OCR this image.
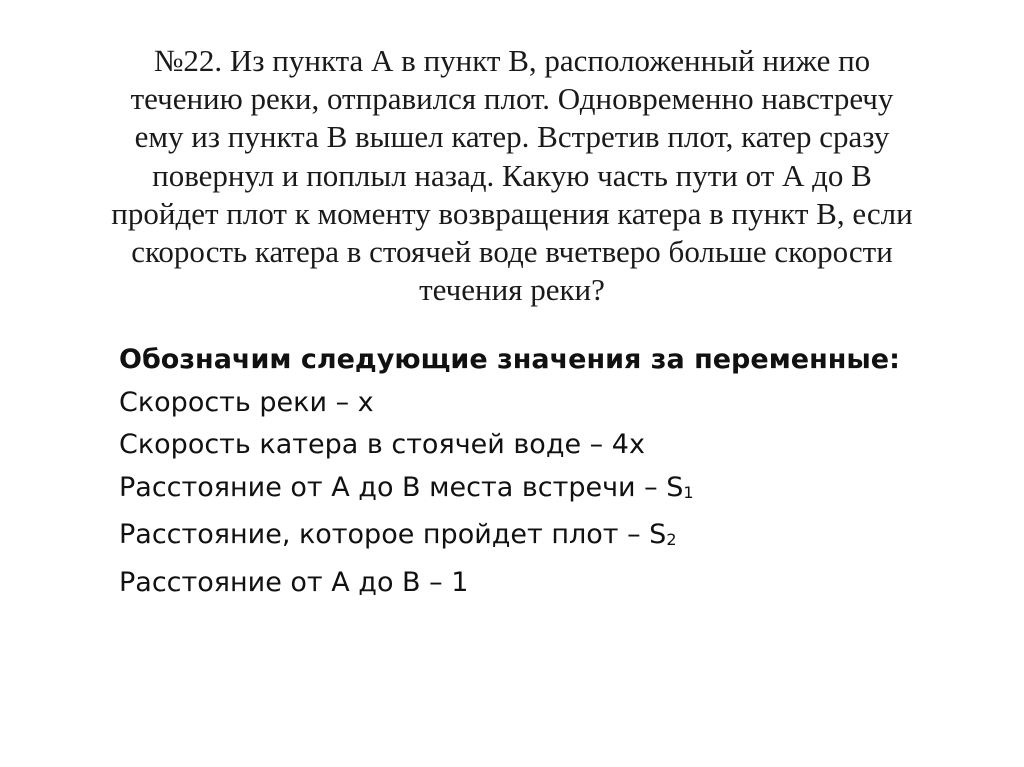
№22. Из пункта А в пункт В, расположенный ниже по
течению реки, отправился плот. Одновременно навстречу
ему из пункта В вышел катер. Встретив плот, катер сразу
повернул и поплыл назад. Какую часть пути от А до В
пройдет плот к моменту возвращения катера в пункт В, если
скорость катера в стоячей воде вчетверо больше скорости
течения реки?

Обозначим следующие значения за переменные:
Скорость реки – х
Скорость катера в стоячей воде – 4х
Расстояние от А до В места встречи – S1
Расстояние, которое пройдет плот – S2
Расстояние от А до В – 1
